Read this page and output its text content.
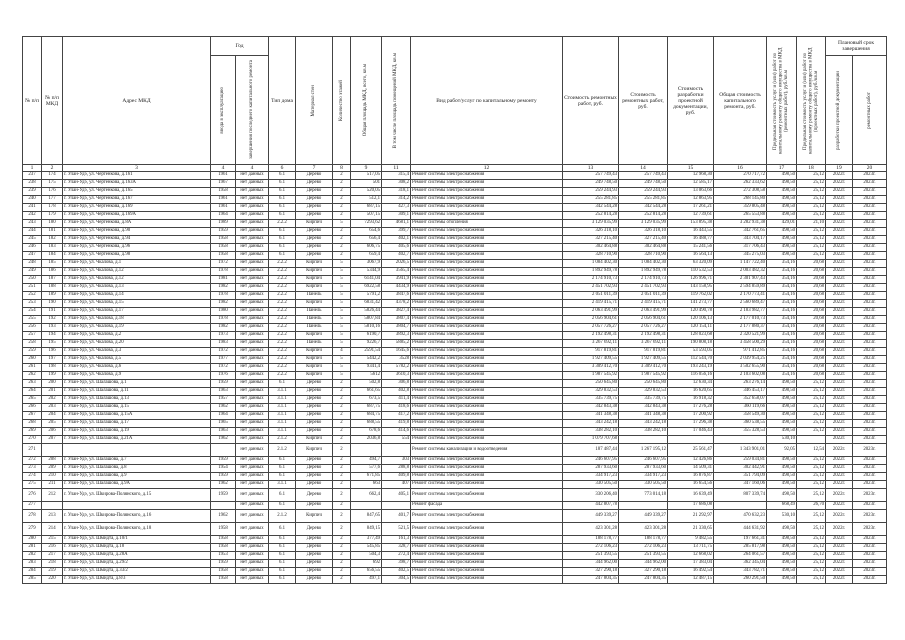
№ п/п	№ п/п МКД	Адрес МКД	Год		Тип дома	Материал стен	Количество этажей	Общая площадь МКД, всего, кв.м	В том числе площадь помещений МКД, кв.м	Вид работ/услуг по капитальному ремонту	Стоимость ремонтных работ, руб.	Стоимость ремонтных работ, руб.	Стоимость разработки проектной документации, руб.	Общая стоимость капитального ремонта, руб.	Предельная стоимость услуг и (или) работ по капитальному ремонту общего имущества в МКД (ремонтных работ), руб./кв.м	Предельная стоимость услуг и (или) работ по капитальному ремонту общего имущества в МКД (проектных работ), руб./кв.м	Плановый срок завершения	

			ввода в эксплуатацию	завершения последнего капитального ремонта													разработки проектной документации	ремонтных работ

1	2	3	4	4	6	7	8	9	11	12	13	14	15	16	17	18	19	20
237	174	г. Улан-Удэ, ул. Чертенкова, д.161	1961	нет данных	6.1	Дерево	2	517,05	315,4	Ремонт системы электроснабжения	257 749,43	257 749,43	12 968,30	270 717,72	498,50	25,12	2022г.	2023г.
238	175	г. Улан-Удэ, ул. Чертенкова, д.163А	1967	нет данных	6.1	Дерево	2	501	308,2	Ремонт системы электроснабжения	249 748,50	249 748,50	12 585,17	262 333,62	498,50	25,12	2022г.	2023г.
239	176	г. Улан-Удэ, ул. Чертенкова, д.165	1958	нет данных	6.1	Дерево	2	520,05	318,1	Ремонт системы электроснабжения	259 244,93	259 244,93	13 063,66	272 308,58	498,50	25,12	2022г.	2023г.
240	177	г. Улан-Удэ, ул. Чертенкова, д.167	1961	нет данных	6.1	Дерево	2	512,1	314,2	Ремонт системы электроснабжения	255 281,85	255 281,85	12 863,95	268 145,80	498,50	25,12	2022г.	2023г.
241	178	г. Улан-Удэ, ул. Чертенкова, д.169	1961	нет данных	6.1	Дерево	2	687,15	427,3	Ремонт системы электроснабжения	342 544,28	342 544,28	17 261,21	359 805,48	498,50	25,12	2022г.	2023г.
242	179	г. Улан-Удэ, ул. Чертенкова, д.169А	1964	нет данных	6.1	Дерево	2	507,15	309,1	Ремонт системы электроснабжения	252 814,28	252 814,28	12 739,61	265 553,88	498,50	25,12	2022г.	2023г.
243	180	г. Улан-Удэ, ул. Чертенкова, д.8А	1989	нет данных	2.2.2	Кирпич	5	7293,62	4681,1	Ремонт системы отопления	3 129 035,99	3 129 035,99	153 895,38	3 282 931,38	429,01	21,10	2022г.	2023г.
244	181	г. Улан-Удэ, ул. Чертенкова, д.90	1959	нет данных	6.1	Дерево	2	654,6	399,7	Ремонт системы электроснабжения	326 318,10	326 318,10	16 443,55	342 761,65	498,50	25,12	2022г.	2023г.
245	182	г. Улан-Удэ, ул. Чертенкова, д.94	1958	нет данных	6.1	Дерево	2	656,4	402,1	Ремонт системы электроснабжения	327 215,40	327 215,40	16 488,77	343 704,17	498,50	25,12	2022г.	2023г.
246	183	г. Улан-Удэ, ул. Чертенкова, д.96	1958	нет данных	6.1	Дерево	2	606,75	405,6	Ремонт системы электроснабжения	302 464,88	302 464,88	15 241,56	317 706,43	498,50	25,12	2022г.	2023г.
247	184	г. Улан-Удэ, ул. Чертенкова, д.98	1958	нет данных	6.1	Дерево	2	659,4	402,7	Ремонт системы электроснабжения	328 710,90	328 710,90	16 564,13	345 275,03	498,50	25,12	2022г.	2023г.
248	185	г. Улан-Удэ, ул. Чкалова, д.1	1972	нет данных	2.2.2	Кирпич	5	3067,9	2026,5	Ремонт системы электроснабжения	1 084 402,30	1 084 402,30	63 320,09	1 147 722,40	354,16	20,68	2022г.	2023г.
249	186	г. Улан-Удэ, ул. Чкалова, д.12	1978	нет данных	2.2.2	Кирпич	5	5344,9	3565,4	Ремонт системы электроснабжения	1 892 949,78	1 892 949,78	110 532,53	2 003 482,32	354,16	20,68	2022г.	2023г.
250	187	г. Улан-Удэ, ул. Чкалова, д.12	1981	нет данных	2.2.2	Кирпич	5	6141,04	3941,9	Ремонт системы электроснабжения	2 174 910,73	2 174 910,73	126 996,71	2 301 907,43	354,16	20,68	2022г.	2023г.
251	188	г. Улан-Удэ, ул. Чкалова, д.13	1982	нет данных	2.2.2	Кирпич	5	6922,58	4434,9	Ремонт системы электроснабжения	2 451 702,93	2 451 702,93	143 158,95	2 594 859,89	354,16	20,68	2022г.	2023г.
252	189	г. Улан-Удэ, ул. Чкалова, д.14	1978	нет данных	2.2.2	Панель	5	5791,2	3847,6	Ремонт системы электроснабжения	2 051 011,39	2 051 011,39	119 762,02	2 170 773,41	354,16	20,68	2022г.	2023г.
253	190	г. Улан-Удэ, ул. Чкалова, д.15	1982	нет данных	2.2.2	Кирпич	5	6831,42	4378,2	Ремонт системы электроснабжения	2 419 415,71	2 419 415,71	141 273,77	2 560 689,47	354,16	20,68	2022г.	2023г.
254	191	г. Улан-Удэ, ул. Чкалова, д.17	1980	нет данных	2.2.2	Панель	5	5826,44	3827,4	Ремонт системы электроснабжения	2 063 491,99	2 063 491,99	120 490,78	2 183 982,77	354,16	20,68	2022г.	2023г.
255	192	г. Улан-Удэ, ул. Чкалова, д.18	1978	нет данных	2.2.2	Панель	5	5807,84	3807,4	Ремонт системы электроснабжения	2 056 904,61	2 056 904,61	120 106,13	2 177 010,73	354,16	20,68	2022г.	2023г.
256	193	г. Улан-Удэ, ул. Чкалова, д.19	1982	нет данных	2.2.2	Панель	5	5810,16	3804,7	Ремонт системы электроснабжения	2 057 726,27	2 057 726,27	120 154,11	2 177 880,37	354,16	20,68	2022г.	2023г.
257	194	г. Улан-Удэ, ул. Чкалова, д.2	1973	нет данных	2.2.2	Кирпич	5	6190,7	3892,3	Ремонт системы электроснабжения	2 192 498,31	2 192 498,31	128 023,68	2 320 521,99	354,16	20,68	2022г.	2023г.
258	195	г. Улан-Удэ, ул. Чкалова, д.20	1983	нет данных	2.2.2	Панель	5	9226,7	5885,2	Ремонт системы электроснабжения	3 267 692,11	3 267 692,11	190 808,18	3 458 500,29	354,16	20,68	2022г.	2023г.
259	196	г. Улан-Удэ, ул. Чкалова, д.3	1972	нет данных	2.2.2	Кирпич	4	2591,54	1645,6	Ремонт системы электроснабжения	917 819,81	917 819,81	53 593,05	971 412,85	354,16	20,68	2022г.	2023г.
260	197	г. Улан-Удэ, ул. Чкалова, д.5	1977	нет данных	2.2.2	Кирпич	5	5442,2	3528	Ремонт системы электроснабжения	1 927 409,55	1 927 409,55	112 544,70	2 039 954,25	354,16	20,68	2022г.	2023г.
261	198	г. Улан-Удэ, ул. Чкалова, д.6	1972	нет данных	2.2.2	Кирпич	5	9341,4	5782,2	Ремонт системы электроснабжения	3 309 412,70	3 309 412,70	193 243,19	3 502 655,90	354,16	20,68	2022г.	2023г.
262	199	г. Улан-Удэ, ул. Чкалова, д.9	1976	нет данных	2.2.2	Кирпич	5	5612	3610,3	Ремонт системы электроснабжения	1 987 545,92	1 987 545,92	116 056,16	2 103 602,08	354,16	20,68	2022г.	2023г.
263	200	г. Улан-Удэ, ул. Шалашова, д.1	1959	нет данных	6.1	Дерево	2	502,8	306,8	Ремонт системы электроснабжения	250 645,80	250 645,80	12 630,34	263 276,14	498,50	25,12	2022г.	2023г.
264	201	г. Улан-Удэ, ул. Шалашова, д.11	1963	нет данных	3.1.1	Дерево	2	661,65	402,8	Ремонт системы электроснабжения	329 832,53	329 832,53	16 620,65	346 453,17	498,50	25,12	2022г.	2023г.
265	202	г. Улан-Удэ, ул. Шалашова, д.13	1957	нет данных	3.1.1	Дерево	2	673,5	411,4	Ремонт системы электроснабжения	335 739,75	335 739,75	16 918,32	352 658,07	498,50	25,12	2022г.	2023г.
266	203	г. Улан-Удэ, ул. Шалашова, д.15	1962	нет данных	3.1.1	Дерево	2	687,75	418,6	Ремонт системы электроснабжения	342 843,38	342 843,38	17 276,28	360 119,66	498,50	25,12	2022г.	2023г.
267	204	г. Улан-Удэ, ул. Шалашова, д.15А	1964	нет данных	3.1.1	Дерево	2	684,75	417,2	Ремонт системы электроснабжения	341 348,38	341 348,38	17 200,92	358 549,30	498,50	25,12	2022г.	2023г.
268	205	г. Улан-Удэ, ул. Шалашова, д.17	1965	нет данных	3.1.1	Дерево	2	688,55	419,8	Ремонт системы электроснабжения	343 242,18	343 242,18	17 296,38	360 538,55	498,50	25,12	2022г.	2023г.
269	206	г. Улан-Удэ, ул. Шалашова, д.19	1963	нет данных	3.1.1	Дерево	2	678,6	414,6	Ремонт системы электроснабжения	338 282,10	338 282,10	17 046,43	355 328,53	498,50	25,12	2022г.	2023г.
270	207	г. Улан-Удэ, ул. Шалашова, д.21А	1962	нет данных	2.1.2	Кирпич	2	2036,8	554	Ремонт системы электроснабжения	1 079 707,68				530,10		2022г.	2023г.
271				нет данных	2.1.2	Кирпич	2			Ремонт системы канализации и водоотведения	187 487,44	1 267 195,12	25 561,47	1 343 901,01	92,05	12,54	2022г.	2023г.
272	208	г. Улан-Удэ, ул. Шалашова, д.7	1959	нет данных	6.1	Дерево	2	494,7	303	Ремонт системы электроснабжения	246 607,95	246 607,95	12 426,86	259 034,81	498,50	25,12	2022г.	2023г.
273	209	г. Улан-Удэ, ул. Шалашова, д.8	1954	нет данных	6.1	Дерево	2	577,6	288,8	Ремонт системы электроснабжения	287 933,60	287 933,60	14 509,31	302 442,91	498,50	25,12	2022г.	2023г.
274	210	г. Улан-Удэ, ул. Шалашова, д.9	1959	нет данных	6.1	Дерево	2	671,85	409,8	Ремонт системы электроснабжения	334 917,23	334 917,23	16 876,87	351 794,09	498,50	25,12	2022г.	2023г.
275	211	г. Улан-Удэ, ул. Шалашова, д.9А	1962	нет данных	3.1.1	Дерево	2	663	407	Ремонт системы электроснабжения	330 505,50	330 505,50	16 654,56	347 160,06	498,50	25,12	2022г.	2023г.
276	212	г. Улан-Удэ, ул. Шкирова-Полянского, д.15	1959	нет данных	6.1	Дерево	2	662,4	405,1	Ремонт системы электроснабжения	330 206,40	773 014,18	16 639,49	807 339,74	498,50	25,12	2022г.	2023г.
277				нет данных	6.1	Дерево	2			Ремонт фасада	442 807,78		17 686,08		668,49	26,70	2022г.	2023г.
278	213	г. Улан-Удэ, ул. Шкирова-Полянского, д.16	1962	нет данных	2.1.2	Кирпич	2	847,65	401,7	Ремонт системы электроснабжения	449 339,27	449 339,27	21 292,97	470 632,23	530,10	25,12	2022г.	2023г.
279	214	г. Улан-Удэ, ул. Шкирова-Полянского, д.18	1958	нет данных	6.1	Дерево	2	849,15	521,5	Ремонт системы электроснабжения	423 301,28	423 301,28	21 330,65	444 631,92	498,50	25,12	2022г.	2023г.
280	215	г. Улан-Удэ, ул. Шмидта, д.10/1	1958	нет данных	6.1	Дерево	2	377,49	161,3	Ремонт системы электроснабжения	188 178,77	188 178,77	9 482,55	197 661,31	498,50	25,12	2022г.	2023г.
281	216	г. Улан-Удэ, ул. Шмидта, д.18	1958	нет данных	6.1	Дерево	2	545,85	328,7	Ремонт системы электроснабжения	272 106,23	272 106,23	13 711,75	285 817,98	498,50	25,12	2022г.	2023г.
282	217	г. Улан-Удэ, ул. Шмидта, д.28А	1953	нет данных	6.1	Дерево	2	504,3	272,4	Ремонт системы электроснабжения	251 393,55	251 393,55	12 668,02	264 061,57	498,50	25,12	2022г.	2023г.
283	218	г. Улан-Удэ, ул. Шмидта, д.29/2	1959	нет данных	6.1	Дерево	2	692	398,7	Ремонт системы электроснабжения	344 962,00	344 962,00	17 383,04	362 345,04	498,50	25,12	2022г.	2023г.
284	219	г. Улан-Удэ, ул. Шмидта, д.33/2	1958	нет данных	6.1	Дерево	2	656,55	402,5	Ремонт системы электроснабжения	327 290,18	327 290,18	16 492,54	343 782,71	498,50	25,12	2022г.	2023г.
285	220	г. Улан-Удэ, ул. Шмидта, д.8/3	1958	нет данных	6.1	Дерево	2	497,1	304,5	Ремонт системы электроснабжения	247 804,35	247 804,35	12 487,15	260 291,50	498,50	25,12	2022г.	2023г.
